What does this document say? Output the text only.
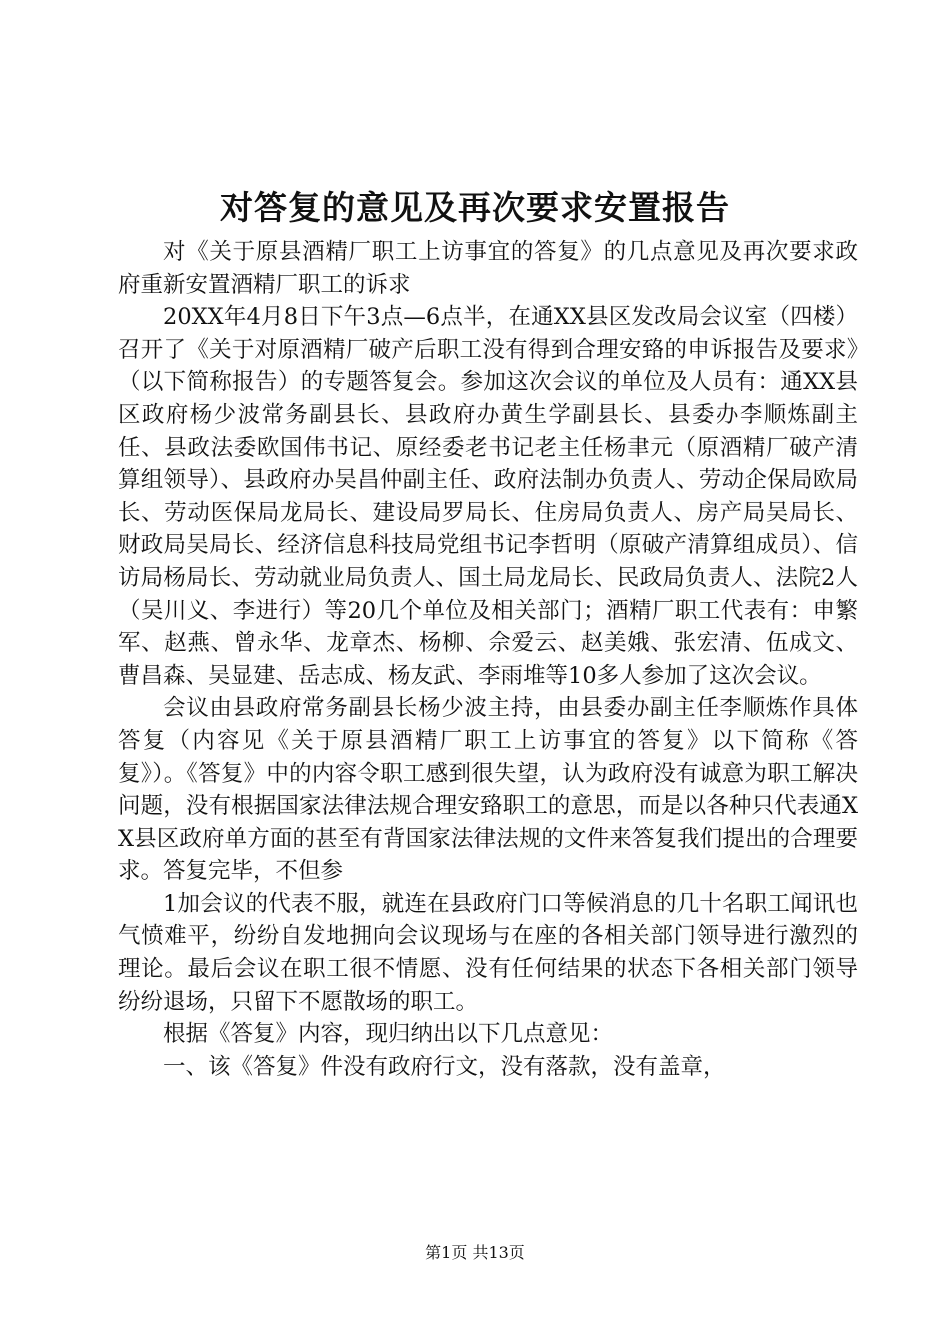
对答复的意见及再次要求安置报告

对《关于原县酒精厂职工上访事宜的答复》的几点意见及再次要求政府重新安置酒精厂职工的诉求

20XX年4月8日下午3点—6点半，在通XX县区发改局会议室（四楼）召开了《关于对原酒精厂破产后职工没有得到合理安臵的申诉报告及要求》（以下简称报告）的专题答复会。参加这次会议的单位及人员有：通XX县区政府杨少波常务副县长、县政府办黄生学副县长、县委办李顺炼副主任、县政法委欧国伟书记、原经委老书记老主任杨聿元（原酒精厂破产清算组领导）、县政府办吴昌仲副主任、政府法制办负责人、劳动企保局欧局长、劳动医保局龙局长、建设局罗局长、住房局负责人、房产局吴局长、财政局吴局长、经济信息科技局党组书记李哲明（原破产清算组成员）、信访局杨局长、劳动就业局负责人、国土局龙局长、民政局负责人、法院2人（吴川义、李进行）等20几个单位及相关部门；酒精厂职工代表有：申繁军、赵燕、曾永华、龙章杰、杨柳、佘爱云、赵美娥、张宏清、伍成文、曹昌森、吴显建、岳志成、杨友武、李雨堆等10多人参加了这次会议。

会议由县政府常务副县长杨少波主持，由县委办副主任李顺炼作具体答复（内容见《关于原县酒精厂职工上访事宜的答复》以下简称《答复》）。《答复》中的内容令职工感到很失望，认为政府没有诚意为职工解决问题，没有根据国家法律法规合理安臵职工的意思，而是以各种只代表通XX县区政府单方面的甚至有背国家法律法规的文件来答复我们提出的合理要求。答复完毕，不但参

1加会议的代表不服，就连在县政府门口等候消息的几十名职工闻讯也气愤难平，纷纷自发地拥向会议现场与在座的各相关部门领导进行激烈的理论。最后会议在职工很不情愿、没有任何结果的状态下各相关部门领导纷纷退场，只留下不愿散场的职工。

根据《答复》内容，现归纳出以下几点意见：

一、该《答复》件没有政府行文，没有落款，没有盖章，

第1页 共13页
